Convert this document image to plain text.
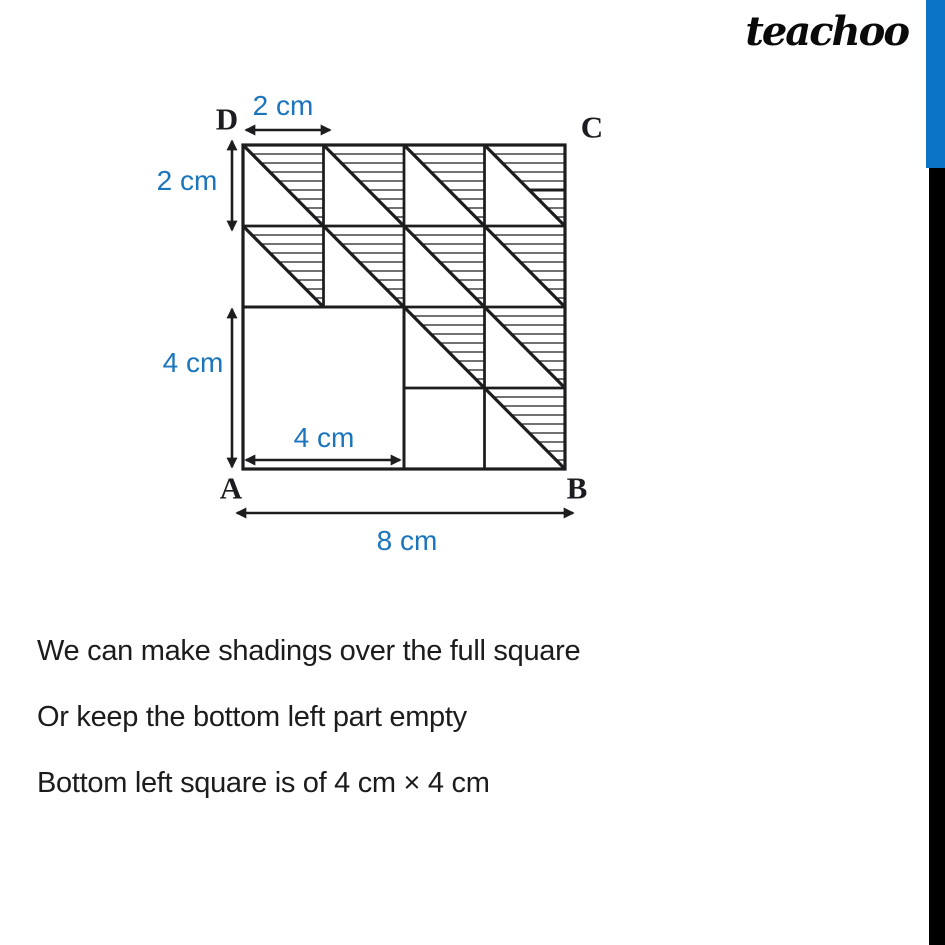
teachoo
D	C
A	B
2 cm
2 cm
4 cm
4 cm
8 cm
We can make shadings over the full square
Or keep the bottom left part empty
Bottom left square is of 4 cm × 4 cm
